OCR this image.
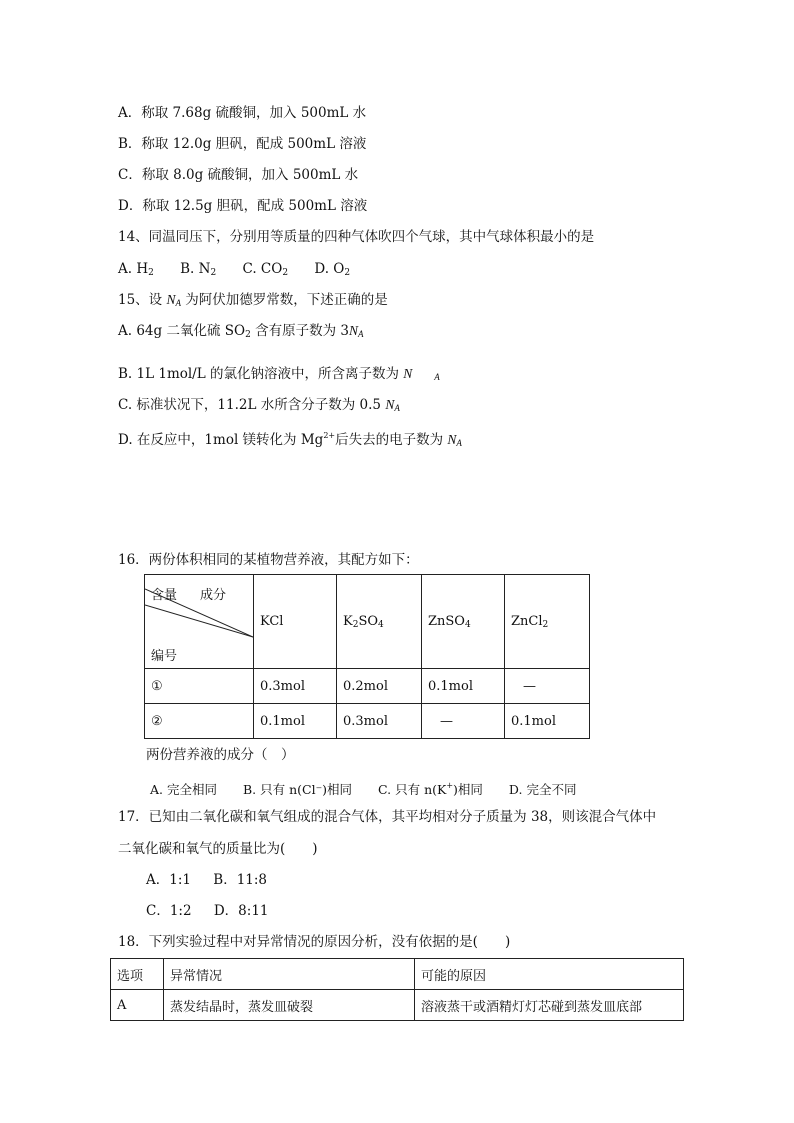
A．称取 7.68g 硫酸铜，加入 500mL 水
B．称取 12.0g 胆矾，配成 500mL 溶液
C．称取 8.0g 硫酸铜，加入 500mL 水
D．称取 12.5g 胆矾，配成 500mL 溶液
14、同温同压下，分别用等质量的四种气体吹四个气球，其中气球体积最小的是
A. $H_2$ B. $N_2$ C. $CO_2$ D. $O_2$
15、设 $N_A$ 为阿伏加德罗常数，下述正确的是
A. 64g 二氧化硫 $SO_2$ 含有原子数为 $3N_A$
B. 1L 1mol/L 的氯化钠溶液中，所含离子数为 N $_A$
C. 标准状况下，11.2L 水所含分子数为 0.5 $N_A$
D. 在反应中，1mol 镁转化为 $Mg^{2+}$后失去的电子数为 $N_A$
16．两份体积相同的某植物营养液，其配方如下：
含量 成分
编号	KCl	$K_2SO_4$	ZnSO$_4$	ZnCl$_2$
①	0.3mol	0.2mol	0.1mol	—
②	0.1mol	0.3mol	—	0.1mol
两份营养液的成分（　）
A. 完全相同 B. 只有 n(Cl⁻)相同 C. 只有 n(K+)相同 D. 完全不同
17．已知由二氧化碳和氧气组成的混合气体，其平均相对分子质量为 38，则该混合气体中
二氧化碳和氧气的质量比为(　　)
A．1:1 B．11:8
C．1:2 D．8:11
18．下列实验过程中对异常情况的原因分析，没有依据的是(　　)
选项	异常情况	可能的原因
A	蒸发结晶时，蒸发皿破裂	溶液蒸干或酒精灯灯芯碰到蒸发皿底部
